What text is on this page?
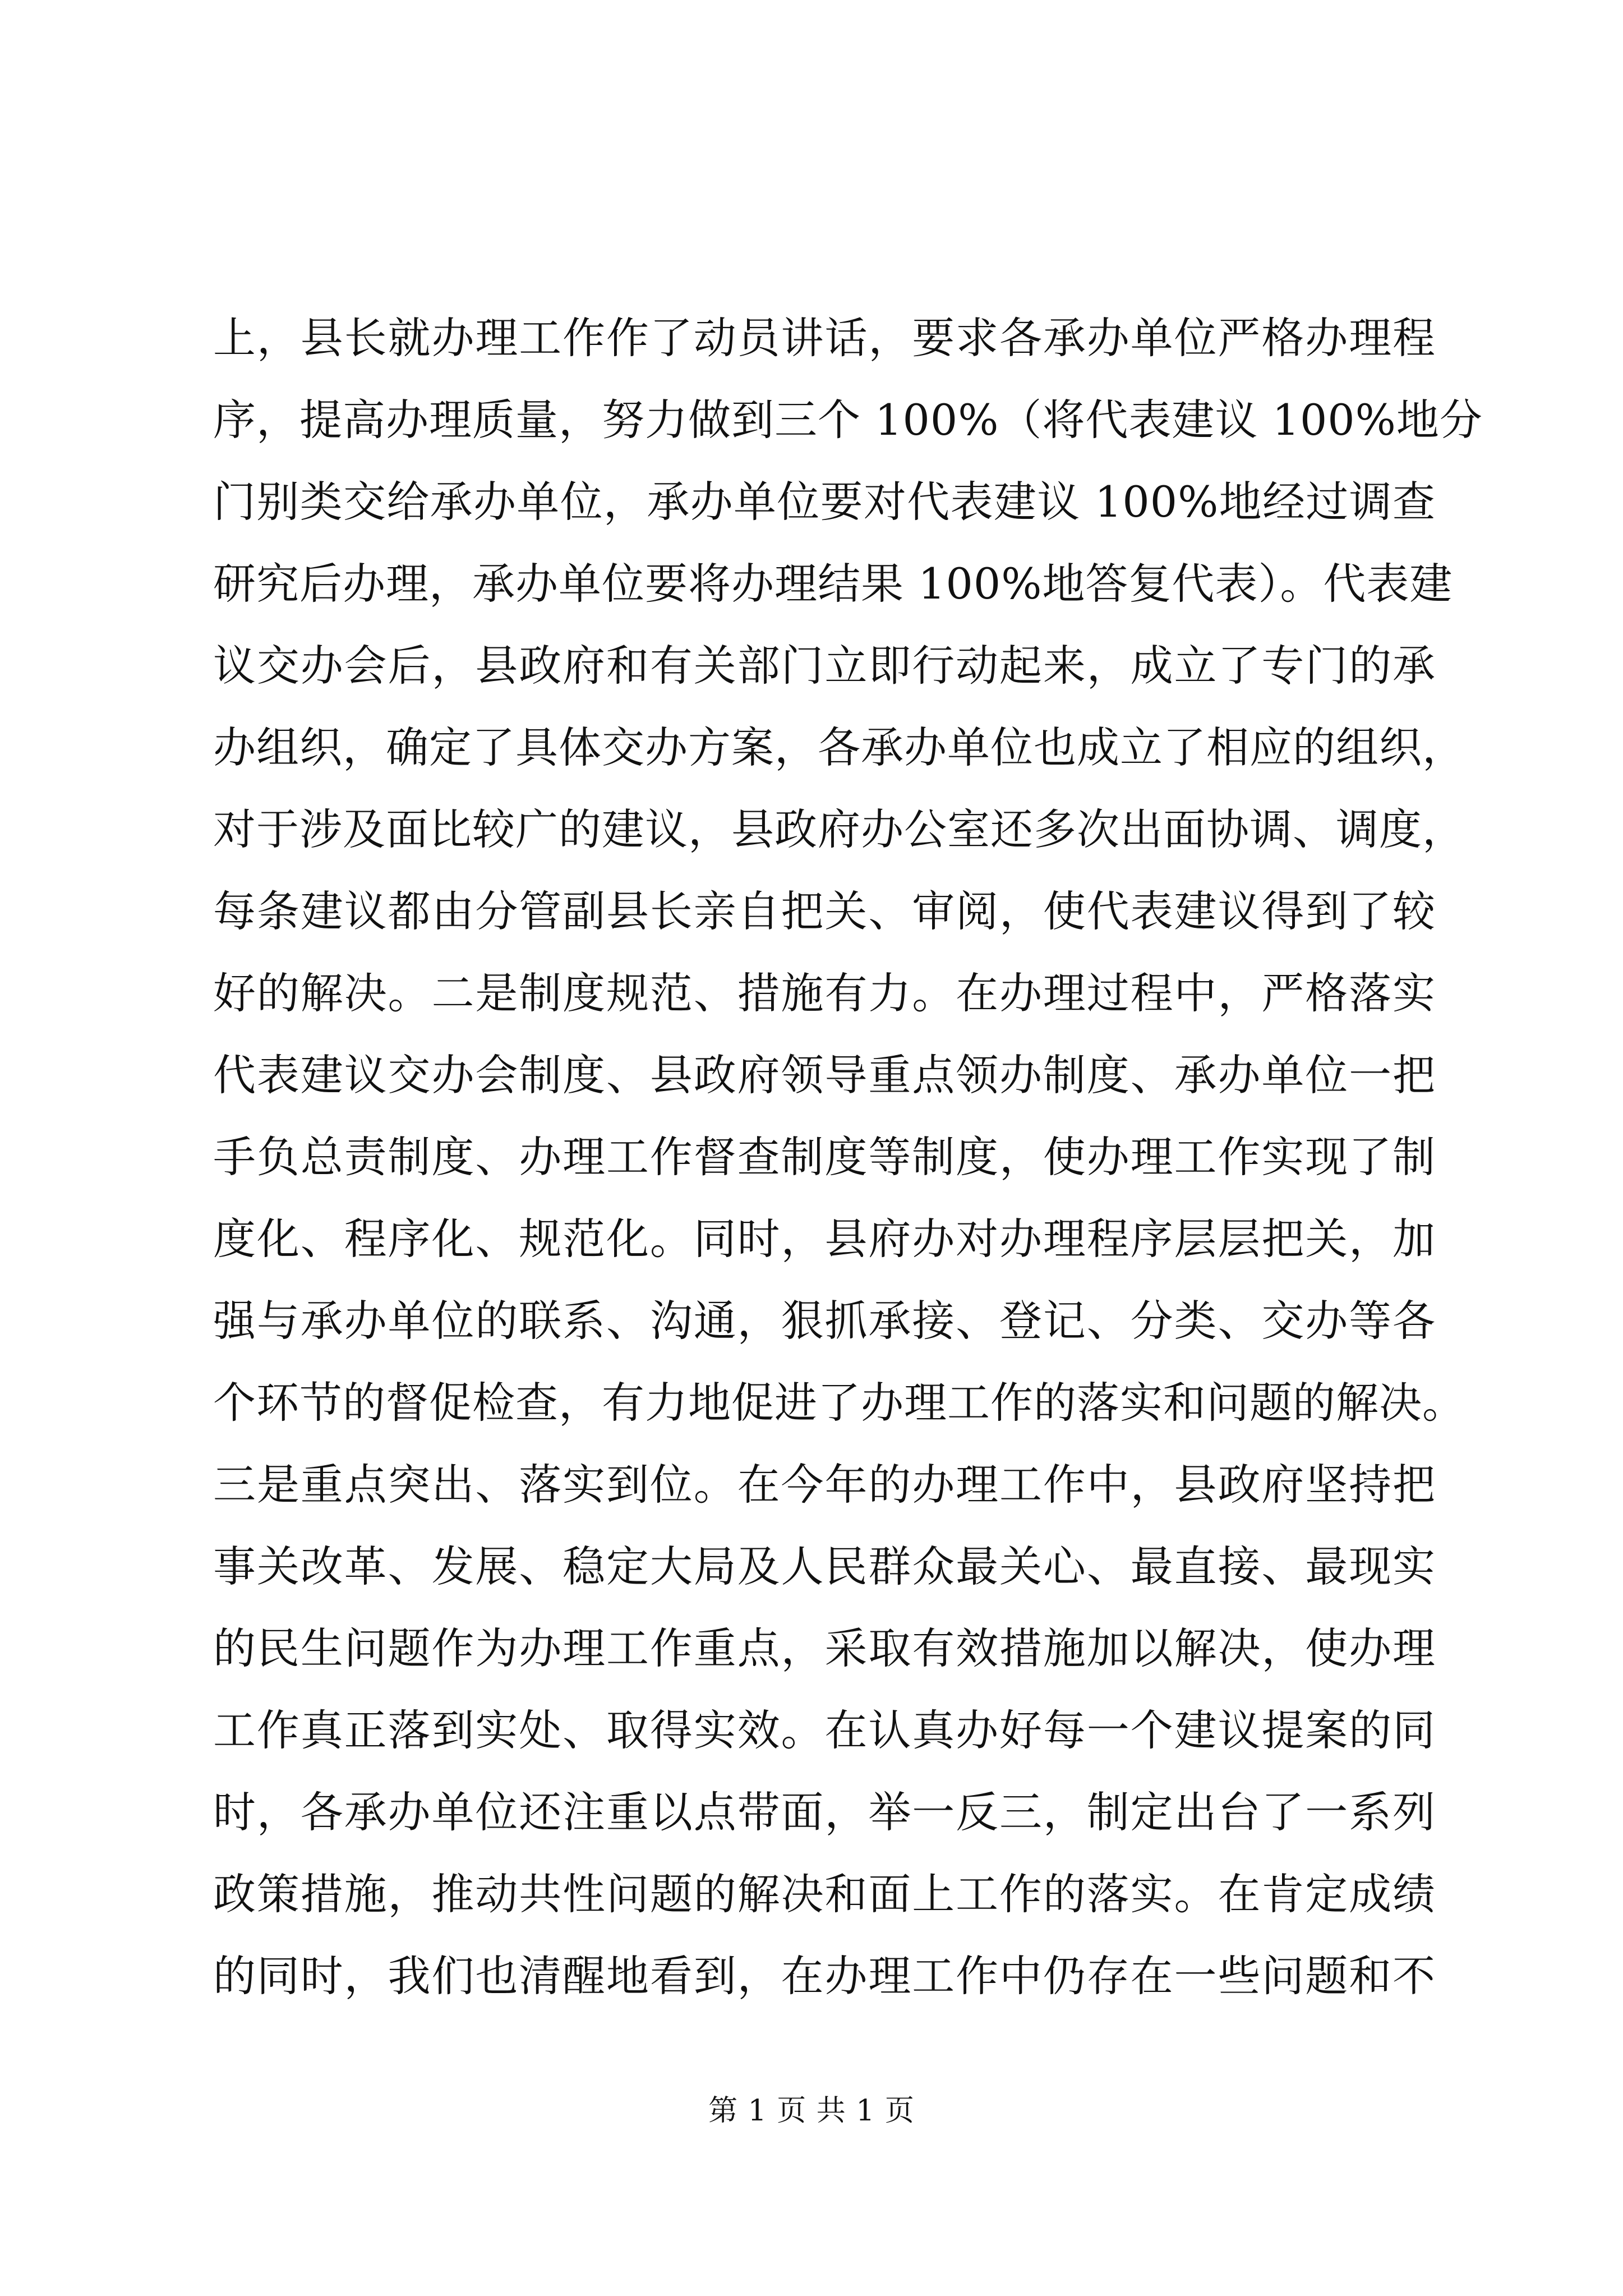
上，县长就办理工作作了动员讲话，要求各承办单位严格办理程
序，提高办理质量，努力做到三个 100%（将代表建议 100%地分
门别类交给承办单位，承办单位要对代表建议 100%地经过调查
研究后办理，承办单位要将办理结果 100%地答复代表）。代表建
议交办会后，县政府和有关部门立即行动起来，成立了专门的承
办组织，确定了具体交办方案，各承办单位也成立了相应的组织，
对于涉及面比较广的建议，县政府办公室还多次出面协调、调度，
每条建议都由分管副县长亲自把关、审阅，使代表建议得到了较
好的解决。二是制度规范、措施有力。在办理过程中，严格落实
代表建议交办会制度、县政府领导重点领办制度、承办单位一把
手负总责制度、办理工作督查制度等制度，使办理工作实现了制
度化、程序化、规范化。同时，县府办对办理程序层层把关，加
强与承办单位的联系、沟通，狠抓承接、登记、分类、交办等各
个环节的督促检查，有力地促进了办理工作的落实和问题的解决。
三是重点突出、落实到位。在今年的办理工作中，县政府坚持把
事关改革、发展、稳定大局及人民群众最关心、最直接、最现实
的民生问题作为办理工作重点，采取有效措施加以解决，使办理
工作真正落到实处、取得实效。在认真办好每一个建议提案的同
时，各承办单位还注重以点带面，举一反三，制定出台了一系列
政策措施，推动共性问题的解决和面上工作的落实。在肯定成绩
的同时，我们也清醒地看到，在办理工作中仍存在一些问题和不
第 1 页 共 1 页
